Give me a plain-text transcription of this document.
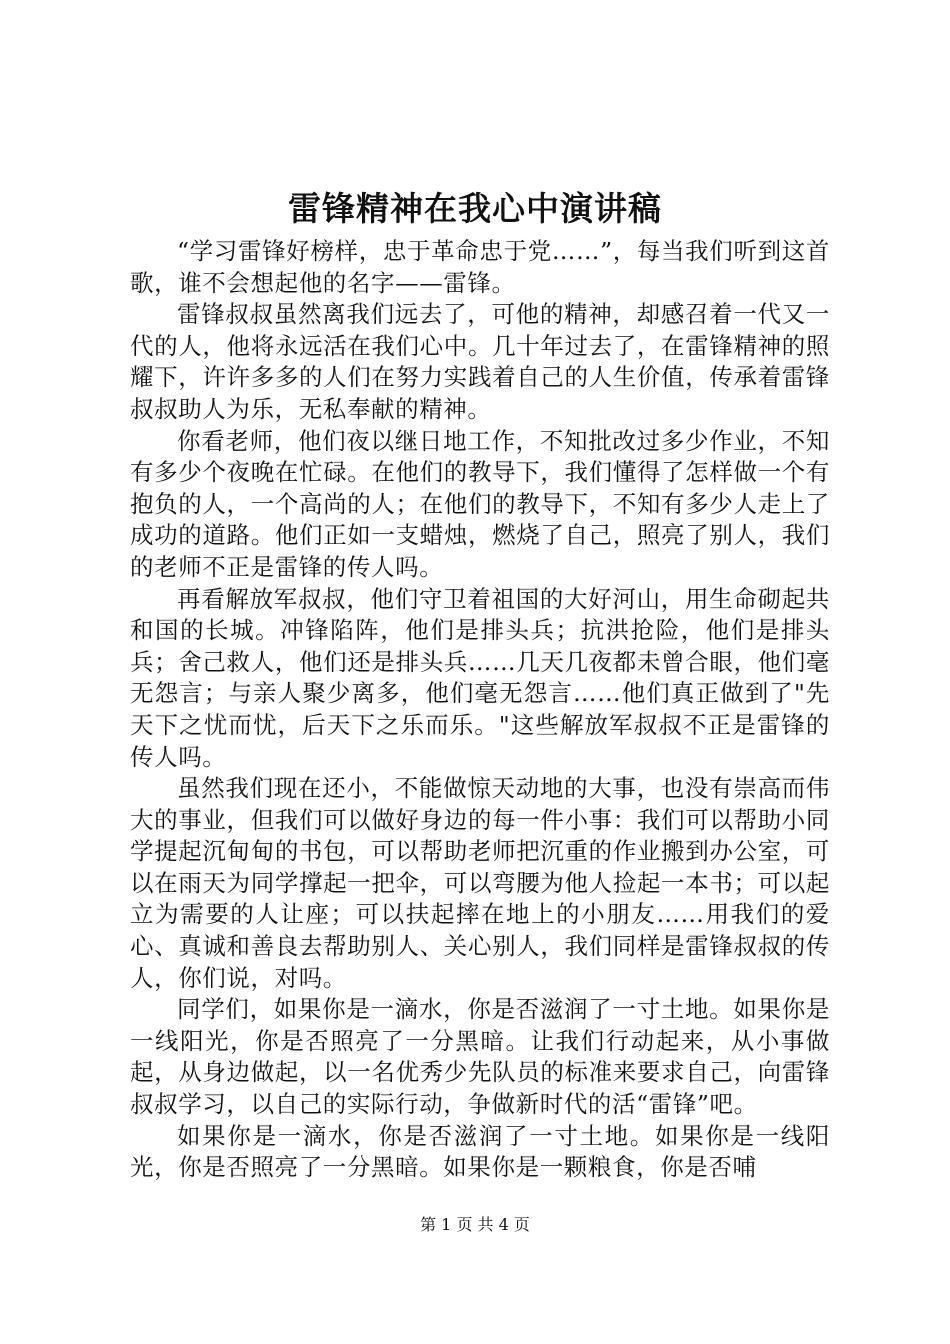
雷锋精神在我心中演讲稿

“学习雷锋好榜样，忠于革命忠于党……”，每当我们听到这首歌，谁不会想起他的名字——雷锋。

雷锋叔叔虽然离我们远去了，可他的精神，却感召着一代又一代的人，他将永远活在我们心中。几十年过去了，在雷锋精神的照耀下，许许多多的人们在努力实践着自己的人生价值，传承着雷锋叔叔助人为乐，无私奉献的精神。

你看老师，他们夜以继日地工作，不知批改过多少作业，不知有多少个夜晚在忙碌。在他们的教导下，我们懂得了怎样做一个有抱负的人，一个高尚的人；在他们的教导下，不知有多少人走上了成功的道路。他们正如一支蜡烛，燃烧了自己，照亮了别人，我们的老师不正是雷锋的传人吗。

再看解放军叔叔，他们守卫着祖国的大好河山，用生命砌起共和国的长城。冲锋陷阵，他们是排头兵；抗洪抢险，他们是排头兵；舍己救人，他们还是排头兵……几天几夜都未曾合眼，他们毫无怨言；与亲人聚少离多，他们毫无怨言……他们真正做到了"先天下之忧而忧，后天下之乐而乐。"这些解放军叔叔不正是雷锋的传人吗。

虽然我们现在还小，不能做惊天动地的大事，也没有崇高而伟大的事业，但我们可以做好身边的每一件小事：我们可以帮助小同学提起沉甸甸的书包，可以帮助老师把沉重的作业搬到办公室，可以在雨天为同学撑起一把伞，可以弯腰为他人捡起一本书；可以起立为需要的人让座；可以扶起摔在地上的小朋友……用我们的爱心、真诚和善良去帮助别人、关心别人，我们同样是雷锋叔叔的传人，你们说，对吗。

同学们，如果你是一滴水，你是否滋润了一寸土地。如果你是一线阳光，你是否照亮了一分黑暗。让我们行动起来，从小事做起，从身边做起，以一名优秀少先队员的标准来要求自己，向雷锋叔叔学习，以自己的实际行动，争做新时代的活“雷锋”吧。

如果你是一滴水，你是否滋润了一寸土地。如果你是一线阳光，你是否照亮了一分黑暗。如果你是一颗粮食，你是否哺

第 1 页 共 4 页
